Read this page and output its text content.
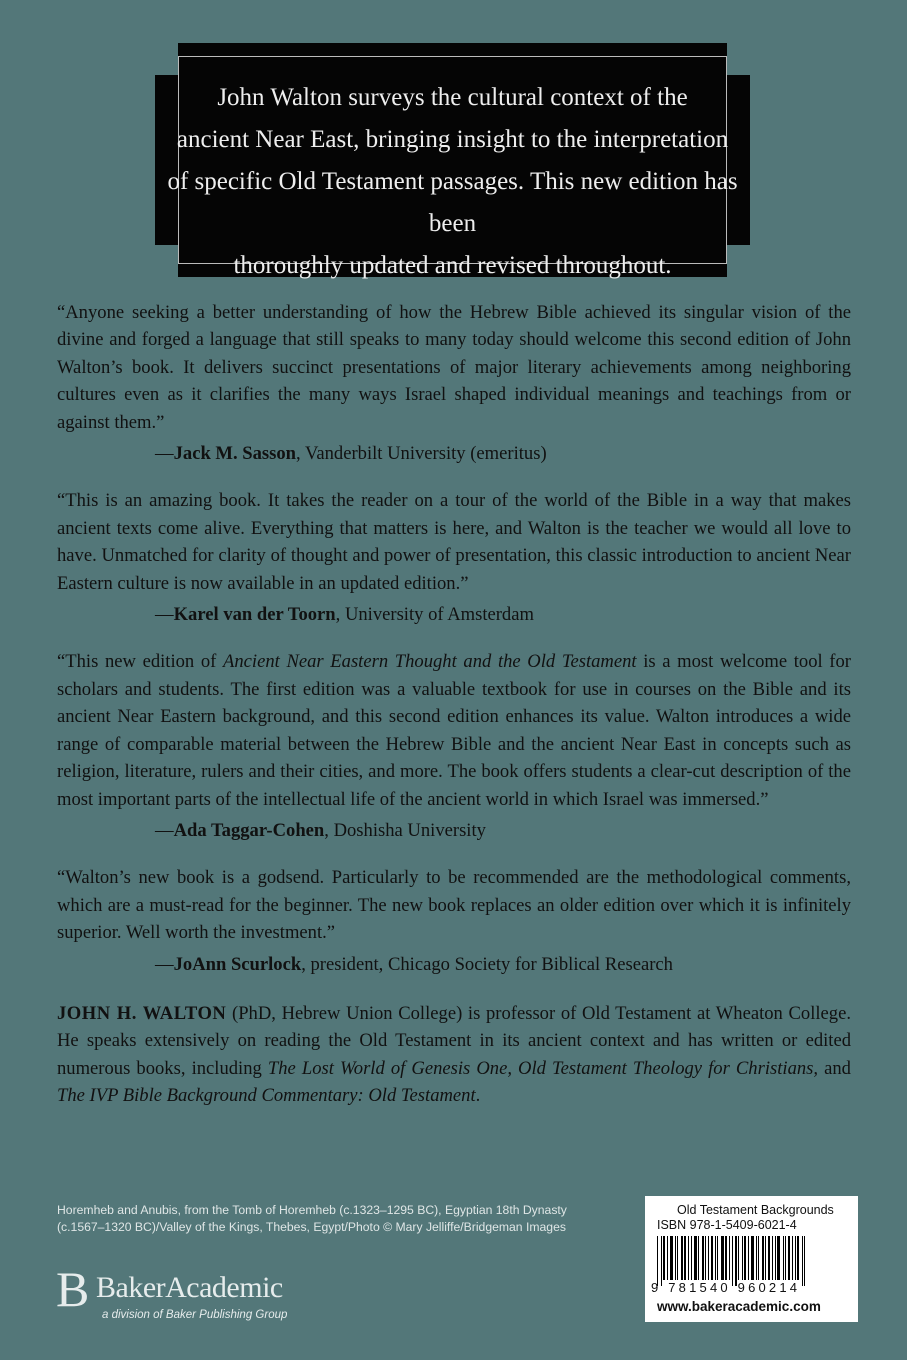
John Walton surveys the cultural context of the
ancient Near East, bringing insight to the interpretation
of specific Old Testament passages. This new edition has been
thoroughly updated and revised throughout.

“Anyone seeking a better understanding of how the Hebrew Bible achieved its singular vision of the divine and forged a language that still speaks to many today should welcome this second edition of John Walton’s book. It delivers succinct presentations of major literary achievements among neighboring cultures even as it clarifies the many ways Israel shaped individual meanings and teachings from or against them.”

—Jack M. Sasson, Vanderbilt University (emeritus)

“This is an amazing book. It takes the reader on a tour of the world of the Bible in a way that makes ancient texts come alive. Everything that matters is here, and Walton is the teacher we would all love to have. Unmatched for clarity of thought and power of presentation, this classic introduction to ancient Near Eastern culture is now available in an updated edition.”

—Karel van der Toorn, University of Amsterdam

“This new edition of Ancient Near Eastern Thought and the Old Testament is a most welcome tool for scholars and students. The first edition was a valuable textbook for use in courses on the Bible and its ancient Near Eastern background, and this second edition enhances its value. Walton introduces a wide range of comparable material between the Hebrew Bible and the ancient Near East in concepts such as religion, literature, rulers and their cities, and more. The book offers students a clear-cut description of the most important parts of the intellectual life of the ancient world in which Israel was immersed.”

—Ada Taggar-Cohen, Doshisha University

“Walton’s new book is a godsend. Particularly to be recommended are the methodological comments, which are a must-read for the beginner. The new book replaces an older edition over which it is infinitely superior. Well worth the investment.”

—JoAnn Scurlock, president, Chicago Society for Biblical Research

JOHN H. WALTON (PhD, Hebrew Union College) is professor of Old Testament at Wheaton College. He speaks extensively on reading the Old Testament in its ancient context and has written or edited numerous books, including The Lost World of Genesis One, Old Testament Theology for Christians, and The IVP Bible Background Commentary: Old Testament.

Horemheb and Anubis, from the Tomb of Horemheb (c.1323–1295 BC), Egyptian 18th Dynasty
(c.1567–1320 BC)/Valley of the Kings, Thebes, Egypt/Photo © Mary Jelliffe/Bridgeman Images
B BakerAcademic
a division of Baker Publishing Group
Old Testament Backgrounds
ISBN 978-1-5409-6021-4
9 781540 960214
www.bakeracademic.com
